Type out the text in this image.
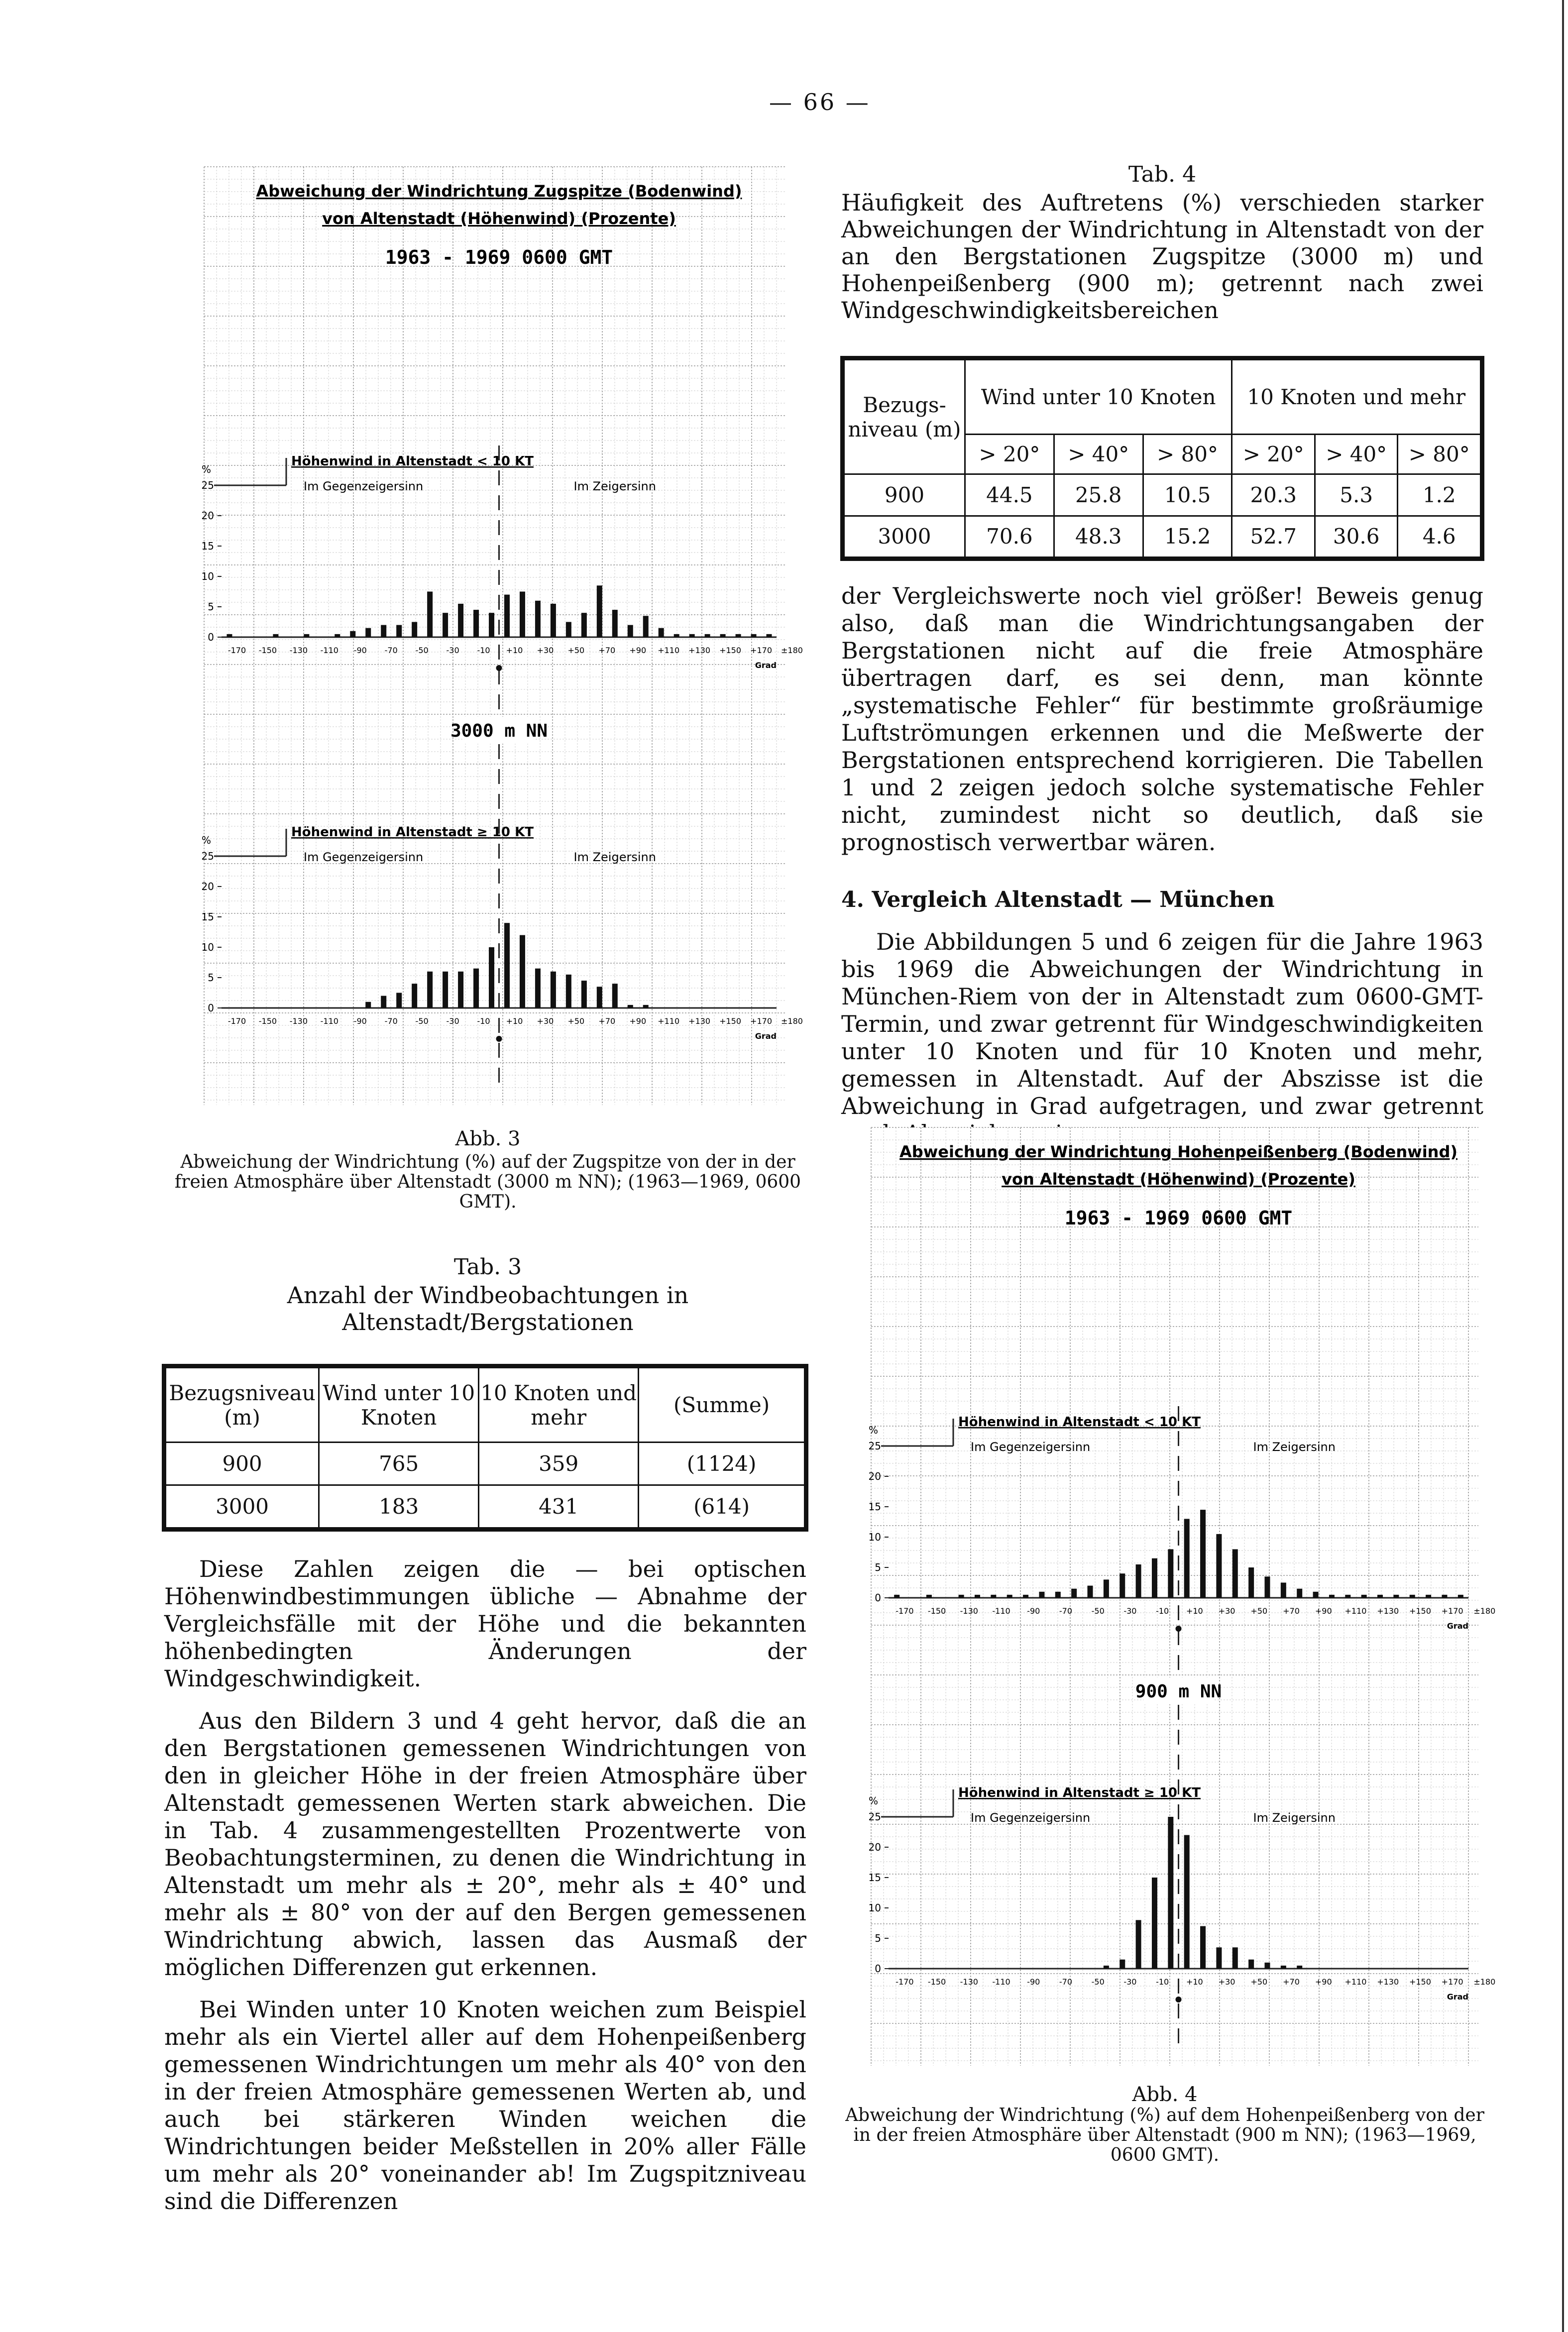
— 66 —
Abweichung der Windrichtung Zugspitze (Bodenwind)
von Altenstadt (Höhenwind) (Prozente)
1963 - 1969 0600 GMT
Höhenwind in Altenstadt < 10 KT
Im Gegenzeigersinn	Im Zeigersinn
%
0
5
10
15
20
25
-170 -150 -130 -110 -90 -70 -50 -30 -10 +10 +30 +50 +70 +90 +110 +130 +150 +170 ±180
Grad
Höhenwind in Altenstadt ≥ 10 KT
Im Gegenzeigersinn	Im Zeigersinn
%
0
5
10
15
20
25
-170 -150 -130 -110 -90 -70 -50 -30 -10 +10 +30 +50 +70 +90 +110 +130 +150 +170 ±180
Grad
3000 m NN
Abb. 3
Abweichung der Windrichtung (%) auf der Zugspitze von der in der freien Atmosphäre über Altenstadt (3000 m NN); (1963—1969, 0600 GMT).
Tab. 3
Anzahl der Windbeobachtungen in Altenstadt/Bergstationen
Bezugsniveau (m)	Wind unter 10 Knoten	10 Knoten und mehr	(Summe)
900	765	359	(1124)
3000	183	431	(614)

Diese Zahlen zeigen die — bei optischen Höhenwindbestimmungen übliche — Abnahme der Vergleichsfälle mit der Höhe und die bekannten höhenbedingten Änderungen der Windgeschwindigkeit.

Aus den Bildern 3 und 4 geht hervor, daß die an den Bergstationen gemessenen Windrichtungen von den in gleicher Höhe in der freien Atmosphäre über Altenstadt gemessenen Werten stark abweichen. Die in Tab. 4 zusammengestellten Prozentwerte von Beobachtungsterminen, zu denen die Windrichtung in Altenstadt um mehr als ± 20°, mehr als ± 40° und mehr als ± 80° von der auf den Bergen gemessenen Windrichtung abwich, lassen das Ausmaß der möglichen Differenzen gut erkennen.

Bei Winden unter 10 Knoten weichen zum Beispiel mehr als ein Viertel aller auf dem Hohenpeißenberg gemessenen Windrichtungen um mehr als 40° von den in der freien Atmosphäre gemessenen Werten ab, und auch bei stärkeren Winden weichen die Windrichtungen beider Meßstellen in 20% aller Fälle um mehr als 20° voneinander ab! Im Zugspitzniveau sind die Differenzen

Tab. 4
Häufigkeit des Auftretens (%) verschieden starker Abweichungen der Windrichtung in Altenstadt von der an den Bergstationen Zugspitze (3000 m) und Hohenpeißenberg (900 m); getrennt nach zwei Windgeschwindigkeitsbereichen
Bezugs-niveau (m)	Wind unter 10 Knoten			10 Knoten und mehr		
	> 20°	> 40°	> 80°	> 20°	> 40°	> 80°
900	44.5	25.8	10.5	20.3	5.3	1.2
3000	70.6	48.3	15.2	52.7	30.6	4.6

der Vergleichswerte noch viel größer! Beweis genug also, daß man die Windrichtungsangaben der Bergstationen nicht auf die freie Atmosphäre übertragen darf, es sei denn, man könnte „systematische Fehler“ für bestimmte großräumige Luftströmungen erkennen und die Meßwerte der Bergstationen entsprechend korrigieren. Die Tabellen 1 und 2 zeigen jedoch solche systematische Fehler nicht, zumindest nicht so deutlich, daß sie prognostisch verwertbar wären.

4. Vergleich Altenstadt — München

Die Abbildungen 5 und 6 zeigen für die Jahre 1963 bis 1969 die Abweichungen der Windrichtung in München-Riem von der in Altenstadt zum 0600-GMT-Termin, und zwar getrennt für Windgeschwindigkeiten unter 10 Knoten und für 10 Knoten und mehr, gemessen in Altenstadt. Auf der Abszisse ist die Abweichung in Grad aufgetragen, und zwar getrennt nach Abweichung im

Abweichung der Windrichtung Hohenpeißenberg (Bodenwind)
von Altenstadt (Höhenwind) (Prozente)
1963 - 1969 0600 GMT
Höhenwind in Altenstadt < 10 KT
Im Gegenzeigersinn	Im Zeigersinn
%
0
5
10
15
20
25
-170 -150 -130 -110 -90 -70 -50 -30 -10 +10 +30 +50 +70 +90 +110 +130 +150 +170 ±180
Grad
Höhenwind in Altenstadt ≥ 10 KT
Im Gegenzeigersinn	Im Zeigersinn
%
0
5
10
15
20
25
-170 -150 -130 -110 -90 -70 -50 -30 -10 +10 +30 +50 +70 +90 +110 +130 +150 +170 ±180
Grad
900 m NN
Abb. 4
Abweichung der Windrichtung (%) auf dem Hohenpeißenberg von der in der freien Atmosphäre über Altenstadt (900 m NN); (1963—1969, 0600 GMT).
